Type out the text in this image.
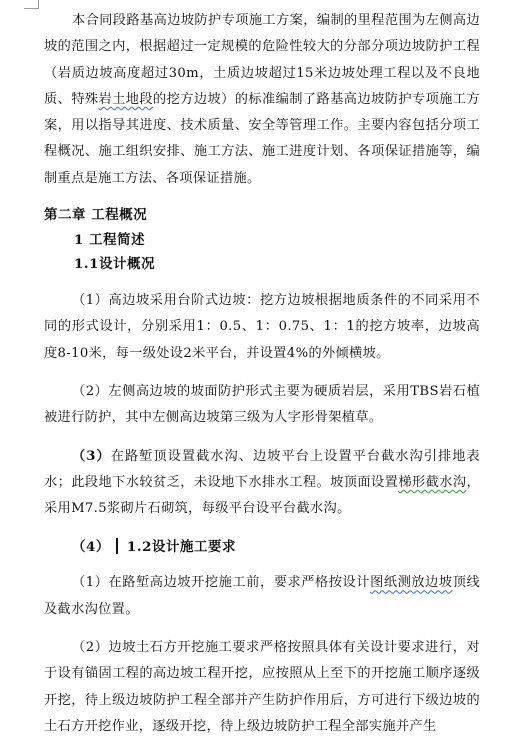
本合同段路基高边坡防护专项施工方案，编制的里程范围为左侧高边坡的范围之内，根据超过一定规模的危险性较大的分部分项边坡防护工程（岩质边坡高度超过30m，土质边坡超过15米边坡处理工程以及不良地质、特殊岩土地段的挖方边坡）的标准编制了路基高边坡防护专项施工方案，用以指导其进度、技术质量、安全等管理工作。主要内容包括分项工程概况、施工组织安排、施工方法、施工进度计划、各项保证措施等，编制重点是施工方法、各项保证措施。

第二章 工程概况

1 工程简述

1.1设计概况

（1）高边坡采用台阶式边坡：挖方边坡根据地质条件的不同采用不同的形式设计，分别采用1：0.5、1：0.75、1：1的挖方坡率，边坡高度8-10米，每一级处设2米平台，并设置4%的外倾横坡。

（2）左侧高边坡的坡面防护形式主要为硬质岩层，采用TBS岩石植被进行防护，其中左侧高边坡第三级为人字形骨架植草。

（3）在路堑顶设置截水沟、边坡平台上设置平台截水沟引排地表水；此段地下水较贫乏，未设地下水排水工程。坡顶面设置梯形截水沟，采用M7.5浆砌片石砌筑，每级平台设平台截水沟。

（4） 1.2设计施工要求

（1）在路堑高边坡开挖施工前，要求严格按设计图纸测放边坡顶线及截水沟位置。

（2）边坡土石方开挖施工要求严格按照具体有关设计要求进行，对于设有锚固工程的高边坡工程开挖，应按照从上至下的开挖施工顺序逐级开挖，待上级边坡防护工程全部并产生防护作用后，方可进行下级边坡的土石方开挖作业，逐级开挖，待上级边坡防护工程全部实施并产生
